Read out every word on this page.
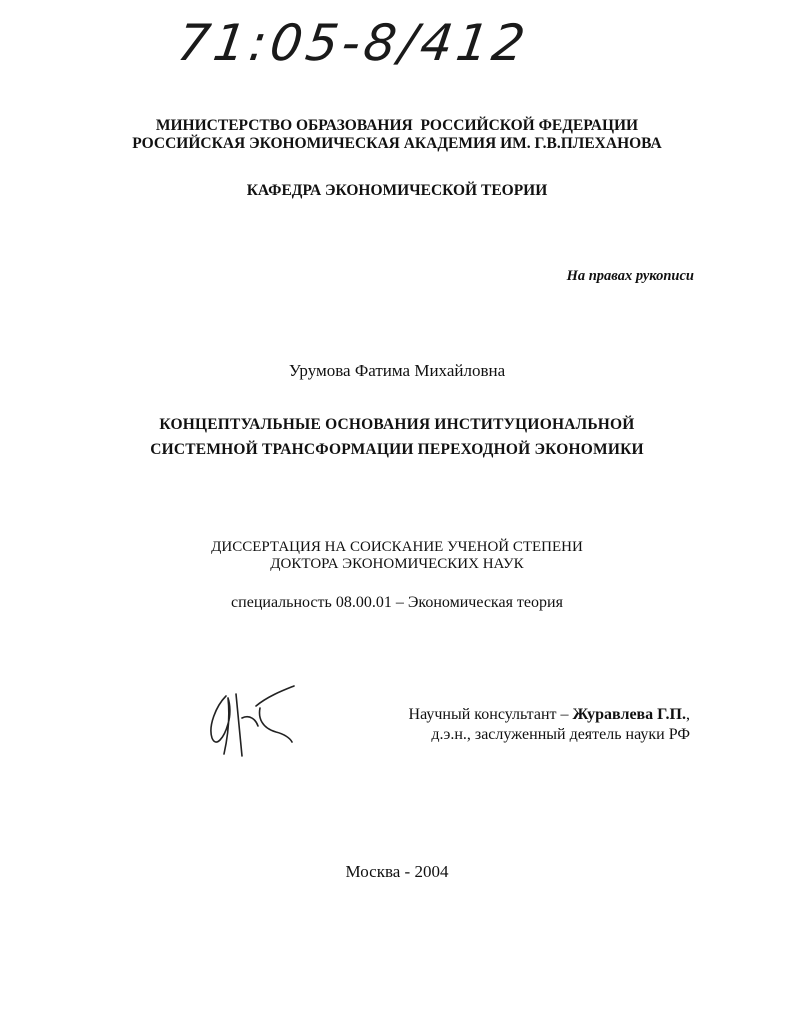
71:05-8/412
МИНИСТЕРСТВО ОБРАЗОВАНИЯ  РОССИЙСКОЙ ФЕДЕРАЦИИ
РОССИЙСКАЯ ЭКОНОМИЧЕСКАЯ АКАДЕМИЯ ИМ. Г.В.ПЛЕХАНОВА
КАФЕДРА ЭКОНОМИЧЕСКОЙ ТЕОРИИ
На правах рукописи
Урумова Фатима Михайловна
КОНЦЕПТУАЛЬНЫЕ ОСНОВАНИЯ ИНСТИТУЦИОНАЛЬНОЙ
СИСТЕМНОЙ ТРАНСФОРМАЦИИ ПЕРЕХОДНОЙ ЭКОНОМИКИ
ДИССЕРТАЦИЯ НА СОИСКАНИЕ УЧЕНОЙ СТЕПЕНИ
ДОКТОРА ЭКОНОМИЧЕСКИХ НАУК
специальность 08.00.01 – Экономическая теория
Научный консультант – Журавлева Г.П.,
д.э.н., заслуженный деятель науки РФ
Москва - 2004
